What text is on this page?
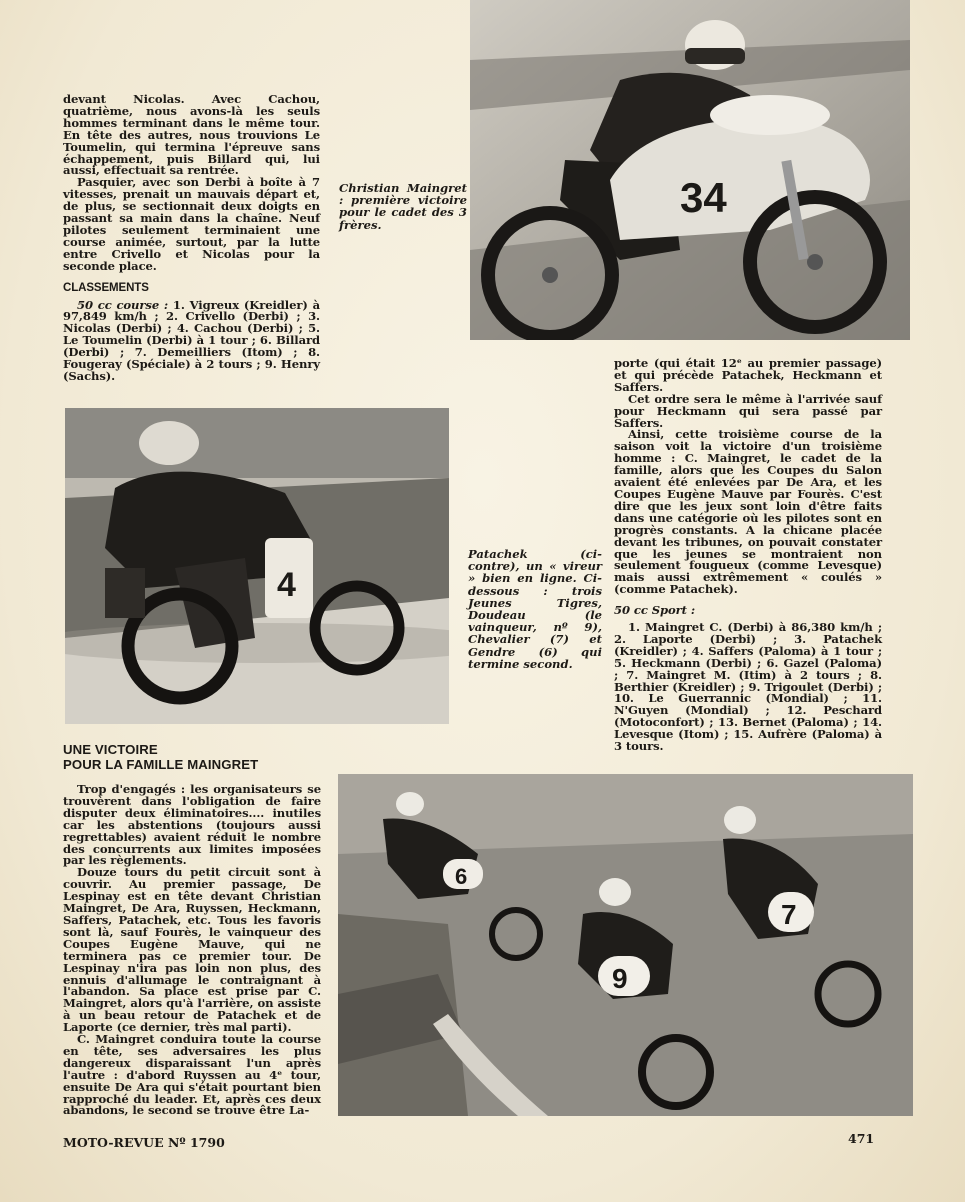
devant Nicolas. Avec Cachou, quatrième, nous avons-là les seuls hommes terminant dans le même tour. En tête des autres, nous trouvions Le Toumelin, qui termina l'épreuve sans échappement, puis Billard qui, lui aussi, effectuait sa rentrée.

Pasquier, avec son Derbi à boîte à 7 vitesses, prenait un mauvais départ et, de plus, se sectionnait deux doigts en passant sa main dans la chaîne. Neuf pilotes seulement terminaient une course animée, surtout, par la lutte entre Crivello et Nicolas pour la seconde place.

CLASSEMENTS

50 cc course : 1. Vigreux (Kreidler) à 97,849 km/h ; 2. Crivello (Derbi) ; 3. Nicolas (Derbi) ; 4. Cachou (Derbi) ; 5. Le Toumelin (Derbi) à 1 tour ; 6. Billard (Derbi) ; 7. Demeilliers (Itom) ; 8. Fougeray (Spéciale) à 2 tours ; 9. Henry (Sachs).

Christian Maingret : première victoire pour le cadet des 3 frères.
34
4
Patachek (ci-contre), un « vireur » bien en ligne. Ci-dessous : trois Jeunes Tigres, Doudeau (le vainqueur, nº 9), Chevalier (7) et Gendre (6) qui termine second.

porte (qui était 12ᵉ au premier passage) et qui précède Patachek, Heckmann et Saffers.

Cet ordre sera le même à l'arrivée sauf pour Heckmann qui sera passé par Saffers.

Ainsi, cette troisième course de la saison voit la victoire d'un troisième homme : C. Maingret, le cadet de la famille, alors que les Coupes du Salon avaient été enlevées par De Ara, et les Coupes Eugène Mauve par Fourès. C'est dire que les jeux sont loin d'être faits dans une catégorie où les pilotes sont en progrès constants. A la chicane placée devant les tribunes, on pouvait constater que les jeunes se montraient non seulement fougueux (comme Levesque) mais aussi extrêmement « coulés » (comme Patachek).

50 cc Sport :

1. Maingret C. (Derbi) à 86,380 km/h ; 2. Laporte (Derbi) ; 3. Patachek (Kreidler) ; 4. Saffers (Paloma) à 1 tour ; 5. Heckmann (Derbi) ; 6. Gazel (Paloma) ; 7. Maingret M. (Itim) à 2 tours ; 8. Berthier (Kreidler) ; 9. Trigoulet (Derbi) ; 10. Le Guerrannic (Mondial) ; 11. N'Guyen (Mondial) ; 12. Peschard (Motoconfort) ; 13. Bernet (Paloma) ; 14. Levesque (Itom) ; 15. Aufrère (Paloma) à 3 tours.

UNE VICTOIRE
POUR LA FAMILLE MAINGRET

Trop d'engagés : les organisateurs se trouvèrent dans l'obligation de faire disputer deux éliminatoires.... inutiles car les abstentions (toujours aussi regrettables) avaient réduit le nombre des concurrents aux limites imposées par les règlements.

Douze tours du petit circuit sont à couvrir. Au premier passage, De Lespinay est en tête devant Christian Maingret, De Ara, Ruyssen, Heckmann, Saffers, Patachek, etc. Tous les favoris sont là, sauf Fourès, le vainqueur des Coupes Eugène Mauve, qui ne terminera pas ce premier tour. De Lespinay n'ira pas loin non plus, des ennuis d'allumage le contraignant à l'abandon. Sa place est prise par C. Maingret, alors qu'à l'arrière, on assiste à un beau retour de Patachek et de Laporte (ce dernier, très mal parti).

C. Maingret conduira toute la course en tête, ses adversaires les plus dangereux disparaissant l'un après l'autre : d'abord Ruyssen au 4ᵉ tour, ensuite De Ara qui s'était pourtant bien rapproché du leader. Et, après ces deux abandons, le second se trouve être La-

6
9
7
MOTO-REVUE Nº 1790	471
